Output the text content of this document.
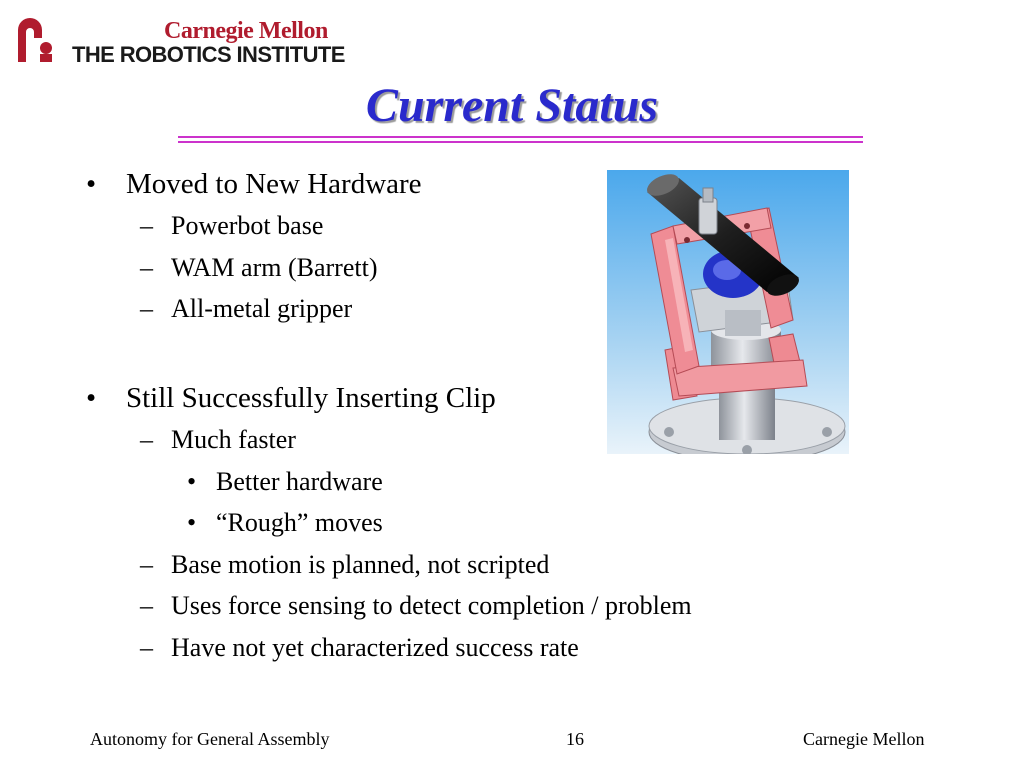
Carnegie Mellon
THE ROBOTICS INSTITUTE
Current Status
• Moved to New Hardware
– Powerbot base
– WAM arm (Barrett)
– All-metal gripper
• Still Successfully Inserting Clip
– Much faster
• Better hardware
• “Rough” moves
– Base motion is planned, not scripted
– Uses force sensing to detect completion / problem
– Have not yet characterized success rate
Autonomy for General Assembly	16	Carnegie Mellon
